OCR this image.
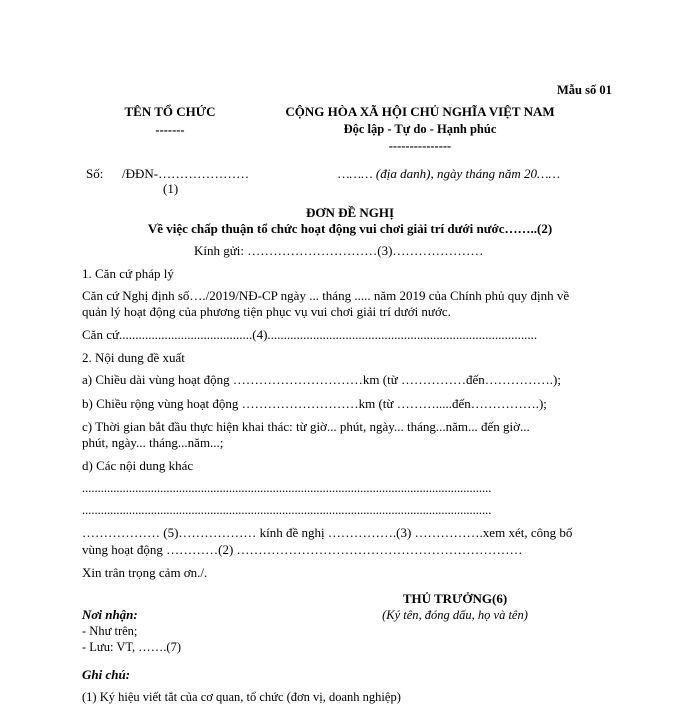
Mẫu số 01
TÊN TỔ CHỨC
-------
CỘNG HÒA XÃ HỘI CHỦ NGHĨA VIỆT NAM
Độc lập - Tự do - Hạnh phúc
---------------
Số: /ĐĐN-…………………
(1)
……… (địa danh), ngày tháng năm 20……
ĐƠN ĐỀ NGHỊ
Về việc chấp thuận tổ chức hoạt động vui chơi giải trí dưới nước……..(2)
Kính gửi: …………………………(3)…………………
1. Căn cứ pháp lý
Căn cứ Nghị định số…./2019/NĐ-CP ngày ... tháng ..... năm 2019 của Chính phủ quy định về
quản lý hoạt động của phương tiện phục vụ vui chơi giải trí dưới nước.
Căn cứ.........................................(4)...................................................................................
2. Nội dung đề xuất
a) Chiều dài vùng hoạt động …………………………km (từ ……………đến…………….);
b) Chiều rộng vùng hoạt động ………………………km (từ ……….....đến…………….);
c) Thời gian bắt đầu thực hiện khai thác: từ giờ... phút, ngày... tháng...năm... đến giờ...
phút, ngày... tháng...năm...;
d) Các nội dung khác
...................................................................................................................................
...................................................................................................................................
……………… (5)……………… kính đề nghị …………….(3) …………….xem xét, công bố
vùng hoạt động …………(2) …………………………………………………………
Xin trân trọng cảm ơn./.
THỦ TRƯỞNG(6)
(Ký tên, đóng dấu, họ và tên)
Nơi nhận:
- Như trên;
- Lưu: VT, …….(7)
Ghi chú:
(1) Ký hiệu viết tắt của cơ quan, tổ chức (đơn vị, doanh nghiệp)
